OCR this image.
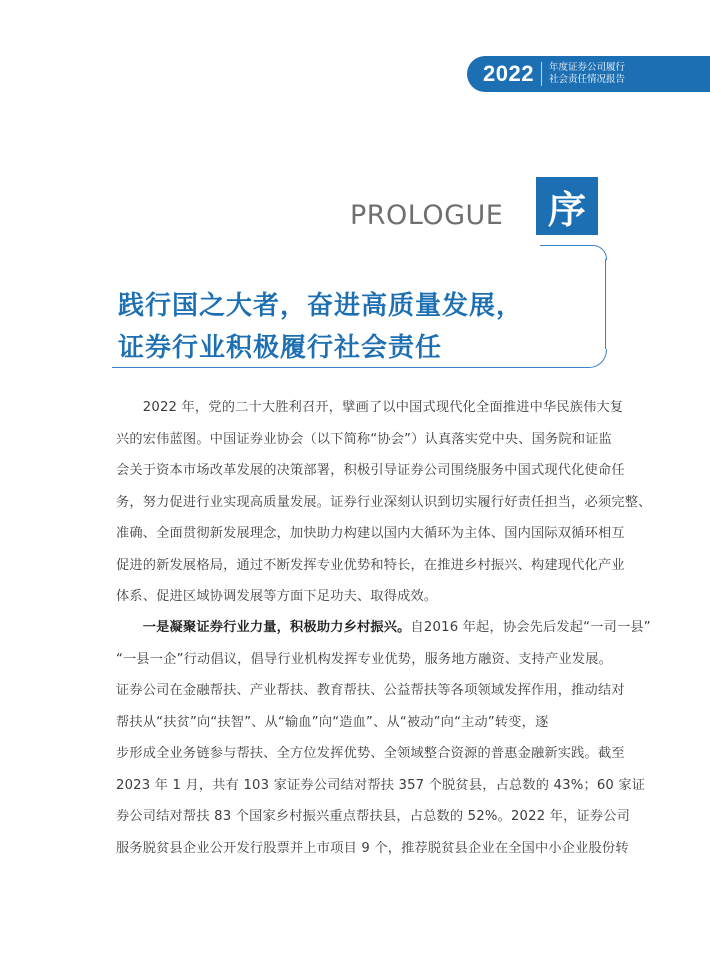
2022 年度证券公司履行
社会责任情况报告
PROLOGUE 序
践行国之大者，奋进高质量发展，
证券行业积极履行社会责任
　　2022 年，党的二十大胜利召开，擘画了以中国式现代化全面推进中华民族伟大复
兴的宏伟蓝图。中国证券业协会（以下简称“协会”）认真落实党中央、国务院和证监
会关于资本市场改革发展的决策部署，积极引导证券公司围绕服务中国式现代化使命任
务，努力促进行业实现高质量发展。证券行业深刻认识到切实履行好责任担当，必须完整、
准确、全面贯彻新发展理念，加快助力构建以国内大循环为主体、国内国际双循环相互
促进的新发展格局，通过不断发挥专业优势和特长，在推进乡村振兴、构建现代化产业
体系、促进区域协调发展等方面下足功夫、取得成效。
　　一是凝聚证券行业力量，积极助力乡村振兴。自2016 年起，协会先后发起“一司一县”
“一县一企”行动倡议，倡导行业机构发挥专业优势，服务地方融资、支持产业发展。
证券公司在金融帮扶、产业帮扶、教育帮扶、公益帮扶等各项领域发挥作用，推动结对
帮扶从“扶贫”向“扶智”、从“输血”向“造血”、从“被动”向“主动”转变，逐
步形成全业务链参与帮扶、全方位发挥优势、全领域整合资源的普惠金融新实践。截至
2023 年 1 月，共有 103 家证券公司结对帮扶 357 个脱贫县，占总数的 43%；60 家证
券公司结对帮扶 83 个国家乡村振兴重点帮扶县，占总数的 52%。2022 年，证券公司
服务脱贫县企业公开发行股票并上市项目 9 个，推荐脱贫县企业在全国中小企业股份转
